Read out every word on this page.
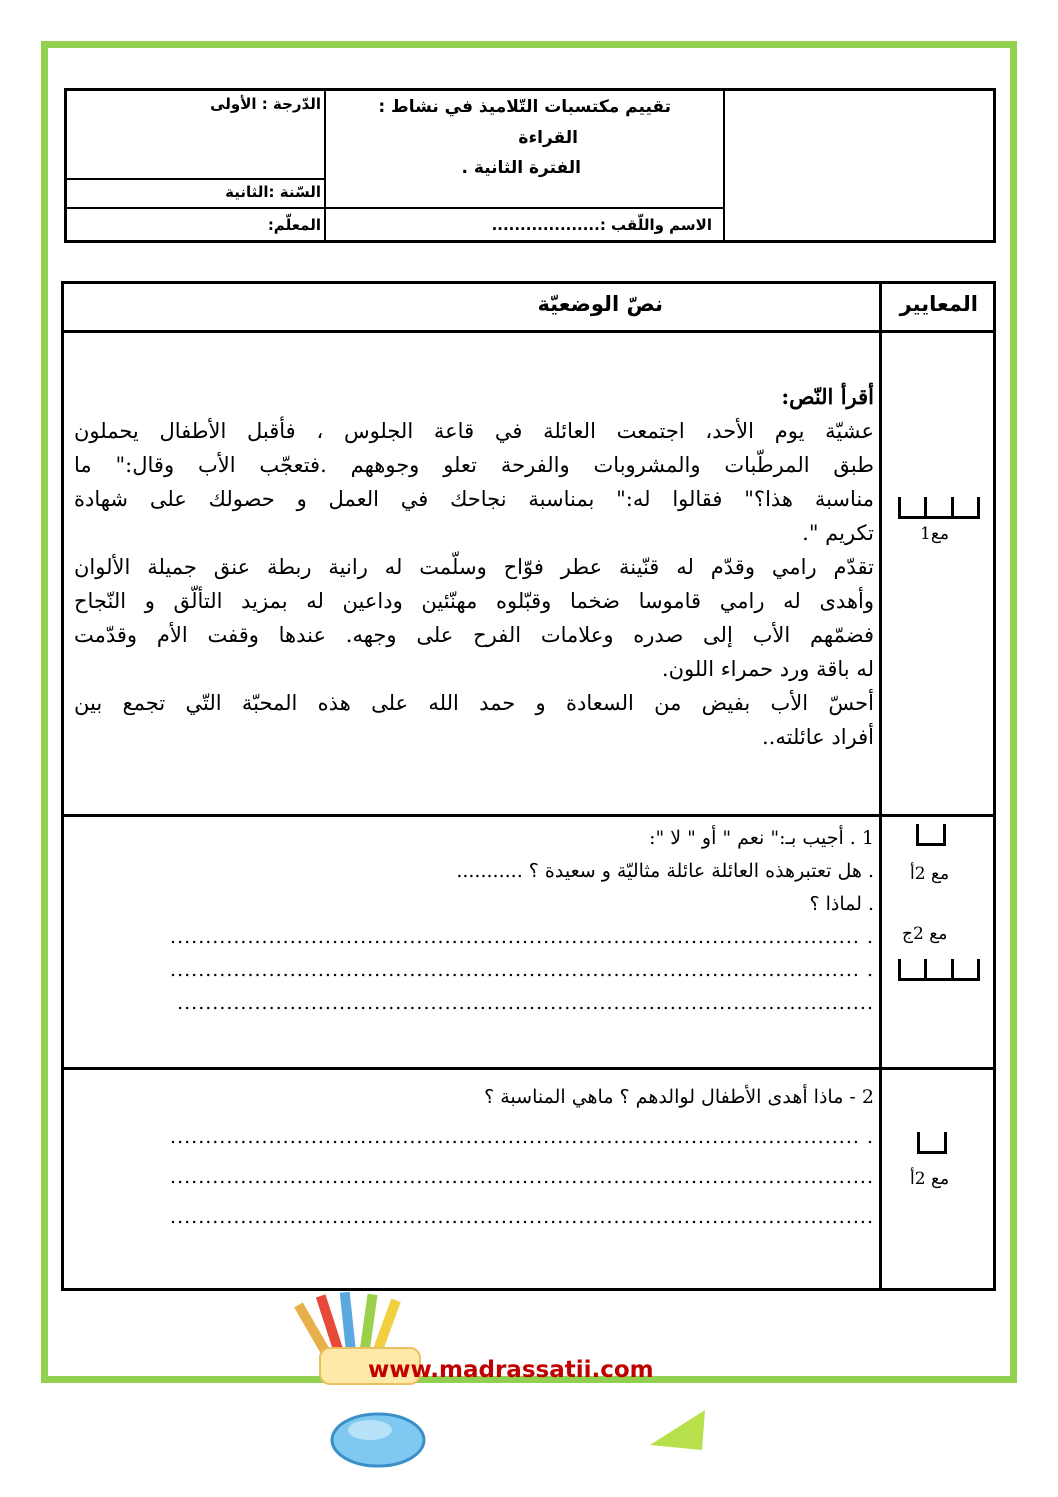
تقييم مكتسبات التّلاميذ في نشاط :
القراءة
الفترة الثانية .
الدّرجة : الأولى
السّنة :الثانية
المعلّم:	الاسم واللّقب :...................
المعايير
نصّ الوضعيّة
مع1
مع 2أ
مع 2ج
مع 2أ
أقرأ النّص:
عشيّة يوم الأحد، اجتمعت العائلة في قاعة الجلوس ، فأقبل الأطفال يحملون
طبق المرطّبات والمشروبات والفرحة تعلو وجوههم .فتعجّب الأب وقال:" ما
مناسبة هذا؟" فقالوا له:" بمناسبة نجاحك في العمل و حصولك على شهادة
تكريم ".
تقدّم رامي وقدّم له قنّينة عطر فوّاح وسلّمت له رانية ربطة عنق جميلة الألوان
وأهدى له رامي قاموسا ضخما وقبّلوه مهنّئين وداعين له بمزيد التألّق و النّجاح
فضمّهم الأب إلى صدره وعلامات الفرح على وجهه. عندها وقفت الأم وقدّمت
له باقة ورد حمراء اللون.
أحسّ الأب بفيض من السعادة و حمد الله على هذه المحبّة التّي تجمع بين
أفراد عائلته..
1 . أجيب بـ:" نعم " أو " لا ":
. هل تعتبرهذه العائلة عائلة مثاليّة و سعيدة ؟ ...........
. لماذا ؟
. ..................................................................................................
. ..................................................................................................
...................................................................................................
2 - ماذا أهدى الأطفال لوالدهم ؟ ماهي المناسبة ؟
. ..................................................................................................
....................................................................................................
....................................................................................................
www.madrassatii.com
